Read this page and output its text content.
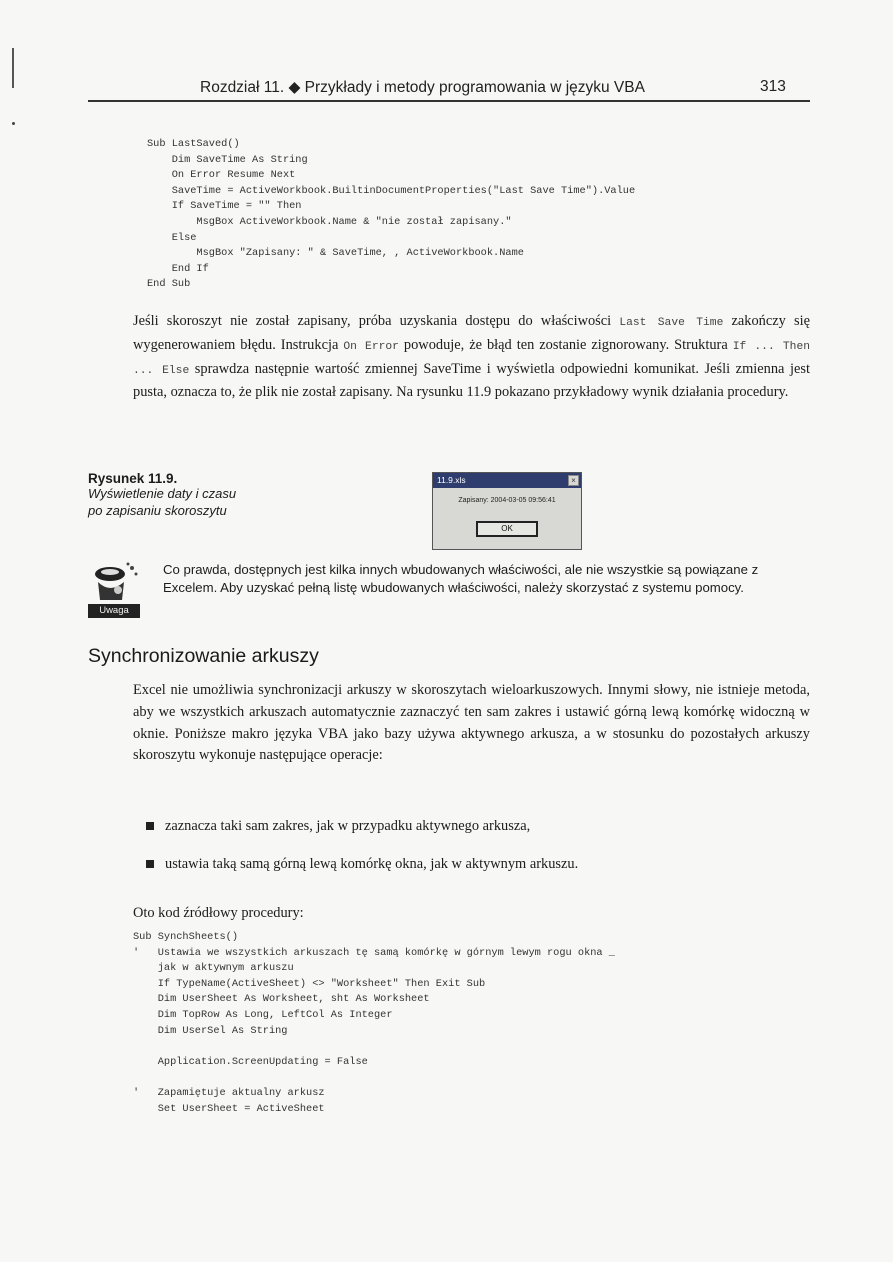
Rozdział 11. ◆ Przykłady i metody programowania w języku VBA	313
Sub LastSaved()
Dim SaveTime As String
On Error Resume Next
SaveTime = ActiveWorkbook.BuiltinDocumentProperties("Last Save Time").Value
If SaveTime = "" Then
MsgBox ActiveWorkbook.Name & "nie został zapisany."
Else
MsgBox "Zapisany: " & SaveTime, , ActiveWorkbook.Name
End If
End Sub

Jeśli skoroszyt nie został zapisany, próba uzyskania dostępu do właściwości Last Save Time zakończy się wygenerowaniem błędu. Instrukcja On Error powoduje, że błąd ten zostanie zignorowany. Struktura If ... Then ... Else sprawdza następnie wartość zmiennej SaveTime i wyświetla odpowiedni komunikat. Jeśli zmienna jest pusta, oznacza to, że plik nie został zapisany. Na rysunku 11.9 pokazano przykładowy wynik działania procedury.

Rysunek 11.9.
Wyświetlenie daty i czasu po zapisaniu skoroszytu
11.9.xls	×
Zapisany: 2004-03-05 09:56:41
OK
Uwaga
Co prawda, dostępnych jest kilka innych wbudowanych właściwości, ale nie wszystkie są powiązane z Excelem. Aby uzyskać pełną listę wbudowanych właściwości, należy skorzystać z systemu pomocy.
Synchronizowanie arkuszy

Excel nie umożliwia synchronizacji arkuszy w skoroszytach wieloarkuszowych. Innymi słowy, nie istnieje metoda, aby we wszystkich arkuszach automatycznie zaznaczyć ten sam zakres i ustawić górną lewą komórkę widoczną w oknie. Poniższe makro języka VBA jako bazy używa aktywnego arkusza, a w stosunku do pozostałych arkuszy skoroszytu wykonuje następujące operacje:

zaznacza taki sam zakres, jak w przypadku aktywnego arkusza,
ustawia taką samą górną lewą komórkę okna, jak w aktywnym arkuszu.
Oto kod źródłowy procedury:
Sub SynchSheets()
'   Ustawia we wszystkich arkuszach tę samą komórkę w górnym lewym rogu okna _
jak w aktywnym arkuszu
If TypeName(ActiveSheet) <> "Worksheet" Then Exit Sub
Dim UserSheet As Worksheet, sht As Worksheet
Dim TopRow As Long, LeftCol As Integer
Dim UserSel As String
Application.ScreenUpdating = False
'   Zapamiętuje aktualny arkusz
Set UserSheet = ActiveSheet
